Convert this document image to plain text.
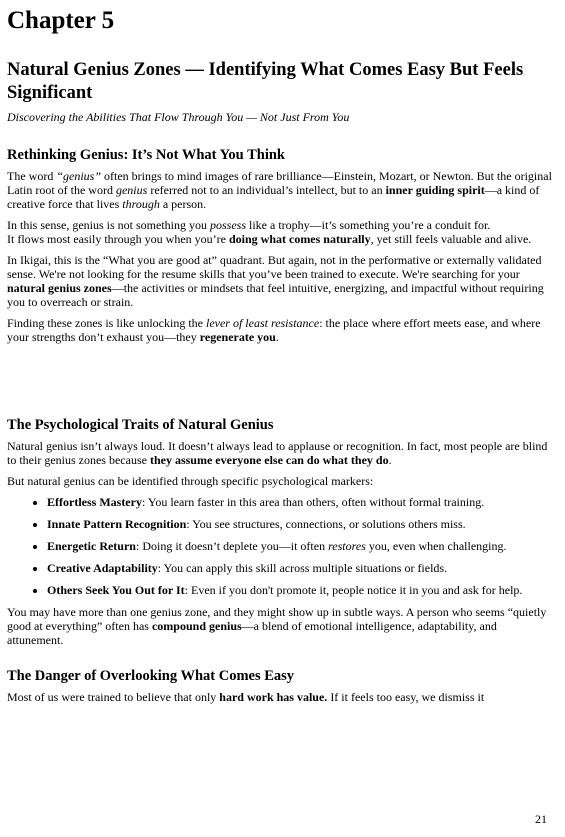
Chapter 5
Natural Genius Zones — Identifying What Comes Easy But Feels Significant
Discovering the Abilities That Flow Through You — Not Just From You
Rethinking Genius: It’s Not What You Think

The word “genius” often brings to mind images of rare brilliance—Einstein, Mozart, or Newton. But the original Latin root of the word genius referred not to an individual’s intellect, but to an inner guiding spirit—a kind of creative force that lives through a person.

In this sense, genius is not something you possess like a trophy—it’s something you’re a conduit for.

It flows most easily through you when you’re doing what comes naturally, yet still feels valuable and alive.

In Ikigai, this is the “What you are good at” quadrant. But again, not in the performative or externally validated sense. We're not looking for the resume skills that you’ve been trained to execute. We're searching for your natural genius zones—the activities or mindsets that feel intuitive, energizing, and impactful without requiring you to overreach or strain.

Finding these zones is like unlocking the lever of least resistance: the place where effort meets ease, and where your strengths don’t exhaust you—they regenerate you.

The Psychological Traits of Natural Genius

Natural genius isn’t always loud. It doesn’t always lead to applause or recognition. In fact, most people are blind to their genius zones because they assume everyone else can do what they do.

But natural genius can be identified through specific psychological markers:

• Effortless Mastery: You learn faster in this area than others, often without formal training.
• Innate Pattern Recognition: You see structures, connections, or solutions others miss.
• Energetic Return: Doing it doesn’t deplete you—it often restores you, even when challenging.
• Creative Adaptability: You can apply this skill across multiple situations or fields.
• Others Seek You Out for It: Even if you don't promote it, people notice it in you and ask for help.

You may have more than one genius zone, and they might show up in subtle ways. A person who seems “quietly good at everything” often has compound genius—a blend of emotional intelligence, adaptability, and attunement.

The Danger of Overlooking What Comes Easy

Most of us were trained to believe that only hard work has value. If it feels too easy, we dismiss it

21
